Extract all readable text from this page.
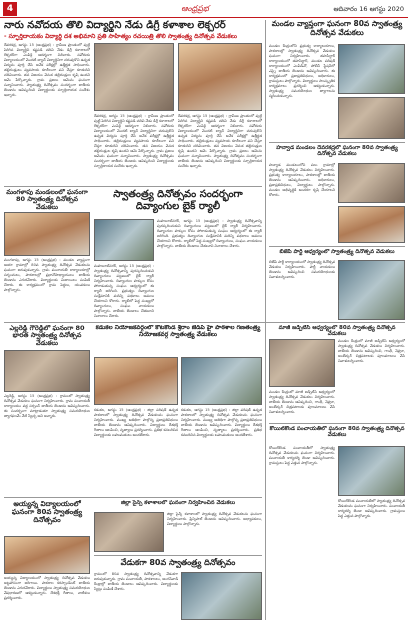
4	ఆంధ్రప్రభ	ఆదివారం 16 ఆగస్టు 2020
నారు నవోదయ తొలి విద్యార్థిని నేడు డిగ్రీ కళాశాల లెక్చరర్
- స్ఫూర్తిదాయకం విద్యార్థి దశ అభిమాని ప్రతి సాహిత్యం రచయిత్రి తొలి స్వాతంత్ర్య దినోత్సవ వేడుకలు
దేవరకద్ర, ఆగస్టు 15 (ఆంధ్రప్రభ) : గ్రామీణ ప్రాంతంలో పుట్టి పెరిగిన విద్యార్థిని కష్టపడి చదివి నేడు డిగ్రీ కళాశాలలో లెక్చరర్‌గా ఎంపికై ఆదర్శంగా నిలిచారు. నవోదయ విద్యాలయంలో మొదటి బ్యాచ్ విద్యార్థినిగా చదువుకొని ఉన్నత విద్యను పూర్తి చేసి అనేక పరీక్షల్లో ఉత్తీర్ణత సాధించారు. తల్లిదండ్రులు వ్యవసాయ కూలీలుగా పని చేస్తూ కూతురిని చదివించారు. తన విజయం వెనుక తల్లిదండ్రుల కృషి ఉందని ఆమె పేర్కొన్నారు. గ్రామ ప్రజలు ఆమెను ఘనంగా సన్మానించారు. స్వాతంత్ర్య దినోత్సవం సందర్భంగా జాతీయ జెండాను ఆవిష్కరించి విద్యార్థులకు స్ఫూర్తిదాయక సందేశం ఇచ్చారు.
దేవరకద్ర, ఆగస్టు 15 (ఆంధ్రప్రభ) : గ్రామీణ ప్రాంతంలో పుట్టి పెరిగిన విద్యార్థిని కష్టపడి చదివి నేడు డిగ్రీ కళాశాలలో లెక్చరర్‌గా ఎంపికై ఆదర్శంగా నిలిచారు. నవోదయ విద్యాలయంలో మొదటి బ్యాచ్ విద్యార్థినిగా చదువుకొని ఉన్నత విద్యను పూర్తి చేసి అనేక పరీక్షల్లో ఉత్తీర్ణత సాధించారు. తల్లిదండ్రులు వ్యవసాయ కూలీలుగా పని చేస్తూ కూతురిని చదివించారు. తన విజయం వెనుక తల్లిదండ్రుల కృషి ఉందని ఆమె పేర్కొన్నారు. గ్రామ ప్రజలు ఆమెను ఘనంగా సన్మానించారు. స్వాతంత్ర్య దినోత్సవం సందర్భంగా జాతీయ జెండాను ఆవిష్కరించి విద్యార్థులకు స్ఫూర్తిదాయక సందేశం ఇచ్చారు.
దేవరకద్ర, ఆగస్టు 15 (ఆంధ్రప్రభ) : గ్రామీణ ప్రాంతంలో పుట్టి పెరిగిన విద్యార్థిని కష్టపడి చదివి నేడు డిగ్రీ కళాశాలలో లెక్చరర్‌గా ఎంపికై ఆదర్శంగా నిలిచారు. నవోదయ విద్యాలయంలో మొదటి బ్యాచ్ విద్యార్థినిగా చదువుకొని ఉన్నత విద్యను పూర్తి చేసి అనేక పరీక్షల్లో ఉత్తీర్ణత సాధించారు. తల్లిదండ్రులు వ్యవసాయ కూలీలుగా పని చేస్తూ కూతురిని చదివించారు. తన విజయం వెనుక తల్లిదండ్రుల కృషి ఉందని ఆమె పేర్కొన్నారు. గ్రామ ప్రజలు ఆమెను ఘనంగా సన్మానించారు. స్వాతంత్ర్య దినోత్సవం సందర్భంగా జాతీయ జెండాను ఆవిష్కరించి విద్యార్థులకు స్ఫూర్తిదాయక సందేశం ఇచ్చారు.
మండల వ్యాప్తంగా ఘనంగా 80వ స్వాతంత్ర్య దినోత్సవ వేడుకలు
మండల కేంద్రంలోని ప్రభుత్వ కార్యాలయాలు, పాఠశాలల్లో స్వాతంత్ర్య దినోత్సవ వేడుకలు ఘనంగా నిర్వహించారు. తహసీల్దార్ కార్యాలయంలో తహసీల్దార్, మండల పరిషత్ కార్యాలయంలో ఎంపీడీవో, పోలీస్ స్టేషన్‌లో ఎస్సై జాతీయ జెండాను ఆవిష్కరించారు. ఈ కార్యక్రమంలో ప్రజాప్రతినిధులు, అధికారులు, గ్రామస్తులు పాల్గొన్నారు. విద్యార్థులు సాంస్కృతిక కార్యక్రమాలు ప్రదర్శించి ఆకట్టుకున్నారు. స్వాతంత్ర్య సమరయోధుల త్యాగాలను స్మరించుకున్నారు.
మంగళాపు మండలంలో ఘనంగా 80 స్వాతంత్ర్య దినోత్సవ వేడుకలు
మంగళాపు, ఆగస్టు 15 (ఆంధ్రప్రభ) : మండల వ్యాప్తంగా ఆయా గ్రామాల్లో 80వ స్వాతంత్ర్య దినోత్సవ వేడుకలను ఘనంగా జరుపుకున్నారు. గ్రామ పంచాయతీ కార్యాలయాల్లో సర్పంచులు, పాఠశాలల్లో ప్రధానోపాధ్యాయులు జాతీయ జెండాను ఎగురవేశారు. విద్యార్థులకు మిఠాయిలు పంపిణీ చేశారు. ఈ కార్యక్రమంలో గ్రామ పెద్దలు, యువకులు పాల్గొన్నారు.
స్వాతంత్ర్య దినోత్సవం సందర్భంగా దివ్యాంగుల బైక్ ర్యాలీ
మహబూబ్‌నగర్, ఆగస్టు 15 (ఆంధ్రప్రభ) : స్వాతంత్ర్య దినోత్సవాన్ని పురస్కరించుకుని దివ్యాంగులు పట్టణంలో బైక్ ర్యాలీ నిర్వహించారు. దివ్యాంగుల హక్కుల కోసం పోరాడుతున్న సంఘం ఆధ్వర్యంలో ఈ ర్యాలీ జరిగింది. ప్రభుత్వం దివ్యాంగుల సంక్షేమానికి మరిన్ని పథకాలు అమలు చేయాలని కోరారు. ర్యాలీలో పెద్ద సంఖ్యలో దివ్యాంగులు, సంఘం నాయకులు పాల్గొన్నారు. జాతీయ జెండాలు చేతబూని నినాదాలు చేశారు.
మహబూబ్‌నగర్, ఆగస్టు 15 (ఆంధ్రప్రభ) : స్వాతంత్ర్య దినోత్సవాన్ని పురస్కరించుకుని దివ్యాంగులు పట్టణంలో బైక్ ర్యాలీ నిర్వహించారు. దివ్యాంగుల హక్కుల కోసం పోరాడుతున్న సంఘం ఆధ్వర్యంలో ఈ ర్యాలీ జరిగింది. ప్రభుత్వం దివ్యాంగుల సంక్షేమానికి మరిన్ని పథకాలు అమలు చేయాలని కోరారు. ర్యాలీలో పెద్ద సంఖ్యలో దివ్యాంగులు, సంఘం నాయకులు పాల్గొన్నారు. జాతీయ జెండాలు చేతబూని నినాదాలు చేశారు.
హన్వాడ మండలం దేవరకద్రలో ఘనంగా 80వ స్వాతంత్ర్య దినోత్సవ వేడుకలు
హన్వాడ మండలంలోని పలు గ్రామాల్లో స్వాతంత్ర్య దినోత్సవ వేడుకలు నిర్వహించారు. ప్రభుత్వ కార్యాలయాలు, పాఠశాలల్లో జాతీయ జెండాను ఆవిష్కరించారు. అధికారులు, ప్రజాప్రతినిధులు, విద్యార్థులు పాల్గొన్నారు. మండల అభివృద్ధికి అందరూ కృషి చేయాలని కోరారు.
బిజేపీ పార్టీ ఆధ్వర్యంలో స్వాతంత్ర్య దినోత్సవ వేడుకలు
బిజేపీ పార్టీ కార్యాలయంలో స్వాతంత్ర్య దినోత్సవ వేడుకలు నిర్వహించారు. పార్టీ నాయకులు జెండాను ఆవిష్కరించి సమరయోధులకు నివాళులర్పించారు.
ఎల్లరెడ్డి గౌరెడ్డిలో ఘనంగా 80 భారత స్వాతంత్ర్య దినోత్సవ వేడుకలు
ఎల్లరెడ్డి, ఆగస్టు 15 (ఆంధ్రప్రభ) : గ్రామంలో స్వాతంత్ర్య దినోత్సవ వేడుకలు ఘనంగా నిర్వహించారు. గ్రామ పంచాయతీ కార్యాలయం వద్ద సర్పంచ్ జాతీయ జెండాను ఆవిష్కరించారు. ఈ సందర్భంగా మాట్లాడుతూ స్వాతంత్ర్య సమరయోధుల త్యాగఫలమే నేటి స్వేచ్ఛ అని అన్నారు.
కడుకల నియోజకవర్గంలో కోటకొండ శ్రీరాం జెడ్‌పి హై పాఠశాల గణతంత్ర్య నియోజకవర్గ స్వాతంత్ర్య వేడుకలు
కడుకల, ఆగస్టు 15 (ఆంధ్రప్రభ) : జిల్లా పరిషత్ ఉన్నత పాఠశాలలో స్వాతంత్ర్య దినోత్సవ వేడుకలను ఘనంగా నిర్వహించారు. ముఖ్య అతిథిగా పాల్గొన్న ప్రజాప్రతినిధులు జాతీయ జెండాను ఆవిష్కరించారు. విద్యార్థులు దేశభక్తి గీతాలు ఆలపించి, నృత్యాలు ప్రదర్శించారు. ప్రతిభ కనబరిచిన విద్యార్థులకు బహుమతులు అందజేశారు.
కడుకల, ఆగస్టు 15 (ఆంధ్రప్రభ) : జిల్లా పరిషత్ ఉన్నత పాఠశాలలో స్వాతంత్ర్య దినోత్సవ వేడుకలను ఘనంగా నిర్వహించారు. ముఖ్య అతిథిగా పాల్గొన్న ప్రజాప్రతినిధులు జాతీయ జెండాను ఆవిష్కరించారు. విద్యార్థులు దేశభక్తి గీతాలు ఆలపించి, నృత్యాలు ప్రదర్శించారు. ప్రతిభ కనబరిచిన విద్యార్థులకు బహుమతులు అందజేశారు.
మాజీ జడ్పీటీసీ ఆధ్వర్యంలో 80వ స్వాతంత్ర్య దినోత్సవ వేడుకలు
మండల కేంద్రంలో మాజీ జడ్పీటీసీ ఆధ్వర్యంలో స్వాతంత్ర్య దినోత్సవ వేడుకలు నిర్వహించారు. జాతీయ జెండాను ఆవిష్కరించి, గాంధీ, నెహ్రూ, అంబేద్కర్ చిత్రపటాలకు పూలమాలలు వేసి నివాళులర్పించారు.
మండల కేంద్రంలో మాజీ జడ్పీటీసీ ఆధ్వర్యంలో స్వాతంత్ర్య దినోత్సవ వేడుకలు నిర్వహించారు. జాతీయ జెండాను ఆవిష్కరించి, గాంధీ, నెహ్రూ, అంబేద్కర్ చిత్రపటాలకు పూలమాలలు వేసి నివాళులర్పించారు.
కోయిల్‌కొండ పంచాయతీలో ఘనంగా 80వ స్వాతంత్ర్య దినోత్సవ వేడుకలు
కోయిల్‌కొండ పంచాయతీలో స్వాతంత్ర్య దినోత్సవ వేడుకలను ఘనంగా నిర్వహించారు. పంచాయతీ కార్యదర్శి జెండా ఆవిష్కరించారు. గ్రామస్తులు పెద్ద ఎత్తున పాల్గొన్నారు.
కోయిల్‌కొండ పంచాయతీలో స్వాతంత్ర్య దినోత్సవ వేడుకలను ఘనంగా నిర్వహించారు. పంచాయతీ కార్యదర్శి జెండా ఆవిష్కరించారు. గ్రామస్తులు పెద్ద ఎత్తున పాల్గొన్నారు.
అయ్యన్న విద్యాలయంలో ఘనంగా 80వ స్వాతంత్ర్య దినోత్సవం
అయ్యన్న విద్యాలయంలో స్వాతంత్ర్య దినోత్సవ వేడుకలు అట్టహాసంగా జరిగాయి. పాఠశాల కరస్పాండెంట్ జాతీయ జెండాను ఎగురవేశారు. విద్యార్థులు స్వాతంత్ర్య సమరయోధుల వేషధారణలో ఆకట్టుకున్నారు. దేశభక్తి గీతాలు, నాటికలు ప్రదర్శించారు.
జిల్లా సైన్స్ కళాశాలలో ఘనంగా నిర్వహించిన వేడుకలు
జిల్లా సైన్స్ కళాశాలలో స్వాతంత్ర్య దినోత్సవ వేడుకలను ఘనంగా నిర్వహించారు. ప్రిన్సిపాల్ జెండాను ఆవిష్కరించారు. అధ్యాపకులు, విద్యార్థులు పాల్గొన్నారు.
వేడుకగా 80వ స్వాతంత్ర్య దినోత్సవం
గ్రామంలో 80వ స్వాతంత్ర్య దినోత్సవాన్ని వేడుకగా జరుపుకున్నారు. గ్రామ పంచాయతీ, పాఠశాలలు, అంగన్‌వాడీ కేంద్రాల్లో జాతీయ జెండాలు ఆవిష్కరించారు. విద్యార్థులకు స్వీట్లు పంపిణీ చేశారు.
